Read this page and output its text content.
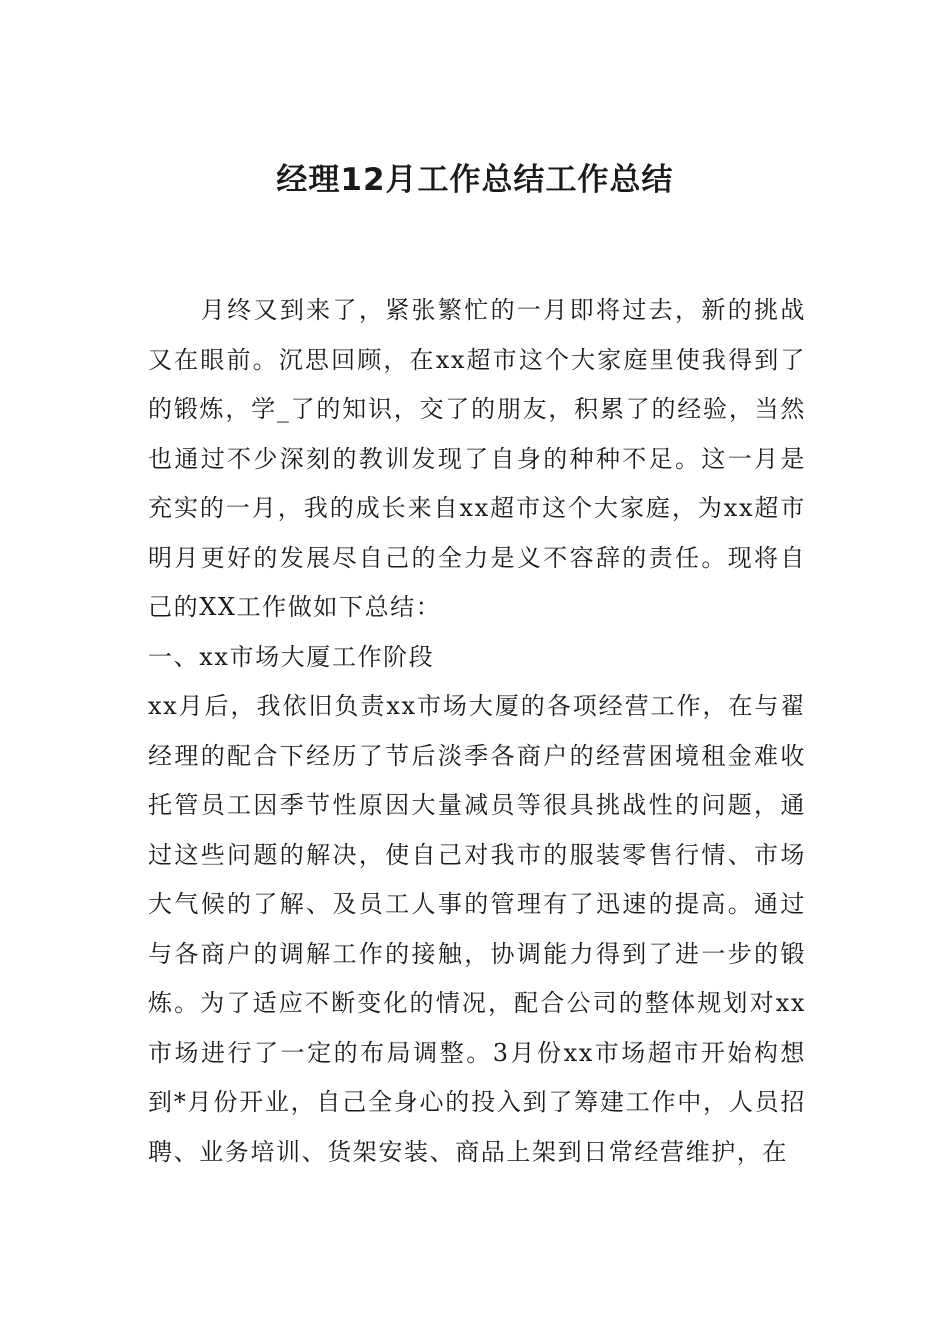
经理12月工作总结工作总结

月终又到来了，紧张繁忙的一月即将过去，新的挑战又在眼前。沉思回顾，在xx超市这个大家庭里使我得到了的锻炼，学_了的知识，交了的朋友，积累了的经验，当然也通过不少深刻的教训发现了自身的种种不足。这一月是充实的一月，我的成长来自xx超市这个大家庭，为xx超市明月更好的发展尽自己的全力是义不容辞的责任。现将自己的XX工作做如下总结：

一、xx市场大厦工作阶段

xx月后，我依旧负责xx市场大厦的各项经营工作，在与翟经理的配合下经历了节后淡季各商户的经营困境租金难收托管员工因季节性原因大量减员等很具挑战性的问题，通过这些问题的解决，使自己对我市的服装零售行情、市场大气候的了解、及员工人事的管理有了迅速的提高。通过与各商户的调解工作的接触，协调能力得到了进一步的锻炼。为了适应不断变化的情况，配合公司的整体规划对xx市场进行了一定的布局调整。3月份xx市场超市开始构想到*月份开业，自己全身心的投入到了筹建工作中，人员招聘、业务培训、货架安装、商品上架到日常经营维护，在
